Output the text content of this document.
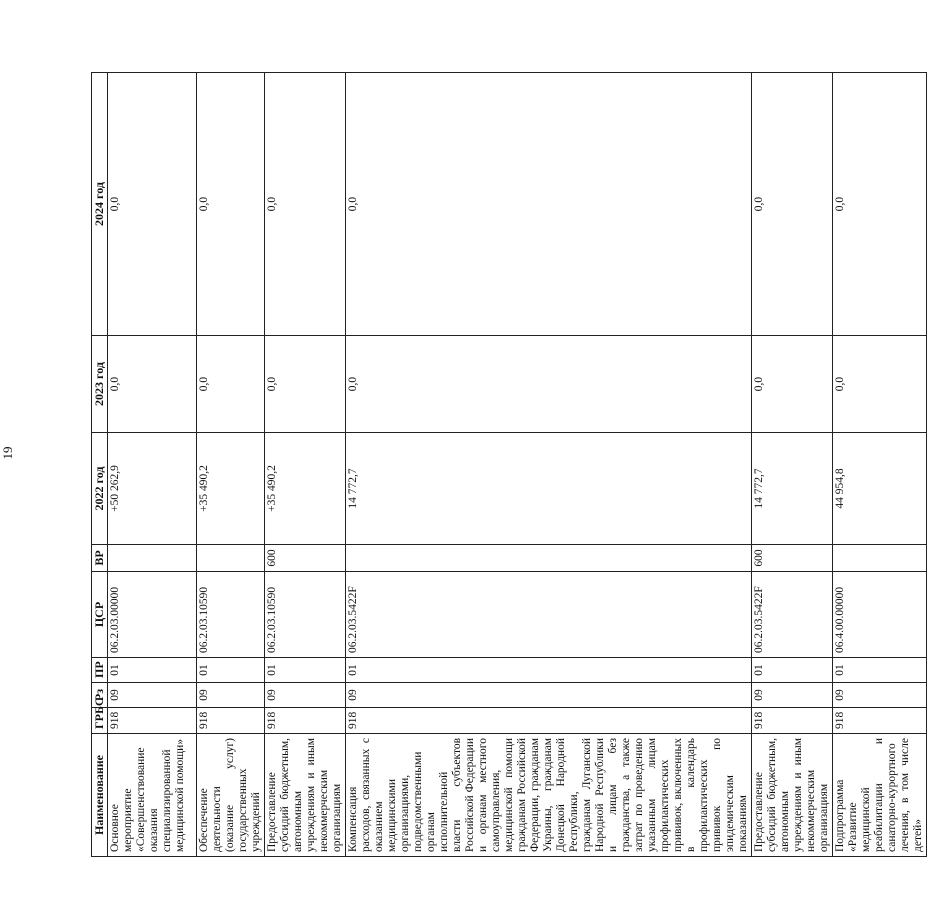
19
Наименование	ГРБС	Рз	ПР	ЦСР	ВР	2022 год	2023 год	2024 год
Основное мероприятие «Совершенствование оказания специализированной медицинской помощи»	918	09	01	06.2.03.00000		+50 262,9	0,0	0,0
Обеспечение деятельности (оказание услуг) государственных учреждений	918	09	01	06.2.03.10590		+35 490,2	0,0	0,0
Предоставление субсидий бюджетным, автономным учреждениям и иным некоммерческим организациям	918	09	01	06.2.03.10590	600	+35 490,2	0,0	0,0
Компенсация расходов, связанных с оказанием медицинскими организациями, подведомственными органам исполнительной власти субъектов Российской Федерации и органам местного самоуправления, медицинской помощи гражданам Российской Федерации, гражданам Украины, гражданам Донецкой Народной Республики, гражданам Луганской Народной Республики и лицам без гражданства, а также затрат по проведению указанным лицам профилактических прививок, включенных в календарь профилактических прививок по эпидемическим показаниям	918	09	01	06.2.03.5422F		14 772,7	0,0	0,0
Предоставление субсидий бюджетным, автономным учреждениям и иным некоммерческим организациям	918	09	01	06.2.03.5422F	600	14 772,7	0,0	0,0
Подпрограмма «Развитие медицинской реабилитации и санаторно-курортного лечения, в том числе детей»	918	09	01	06.4.00.00000		44 954,8	0,0	0,0
